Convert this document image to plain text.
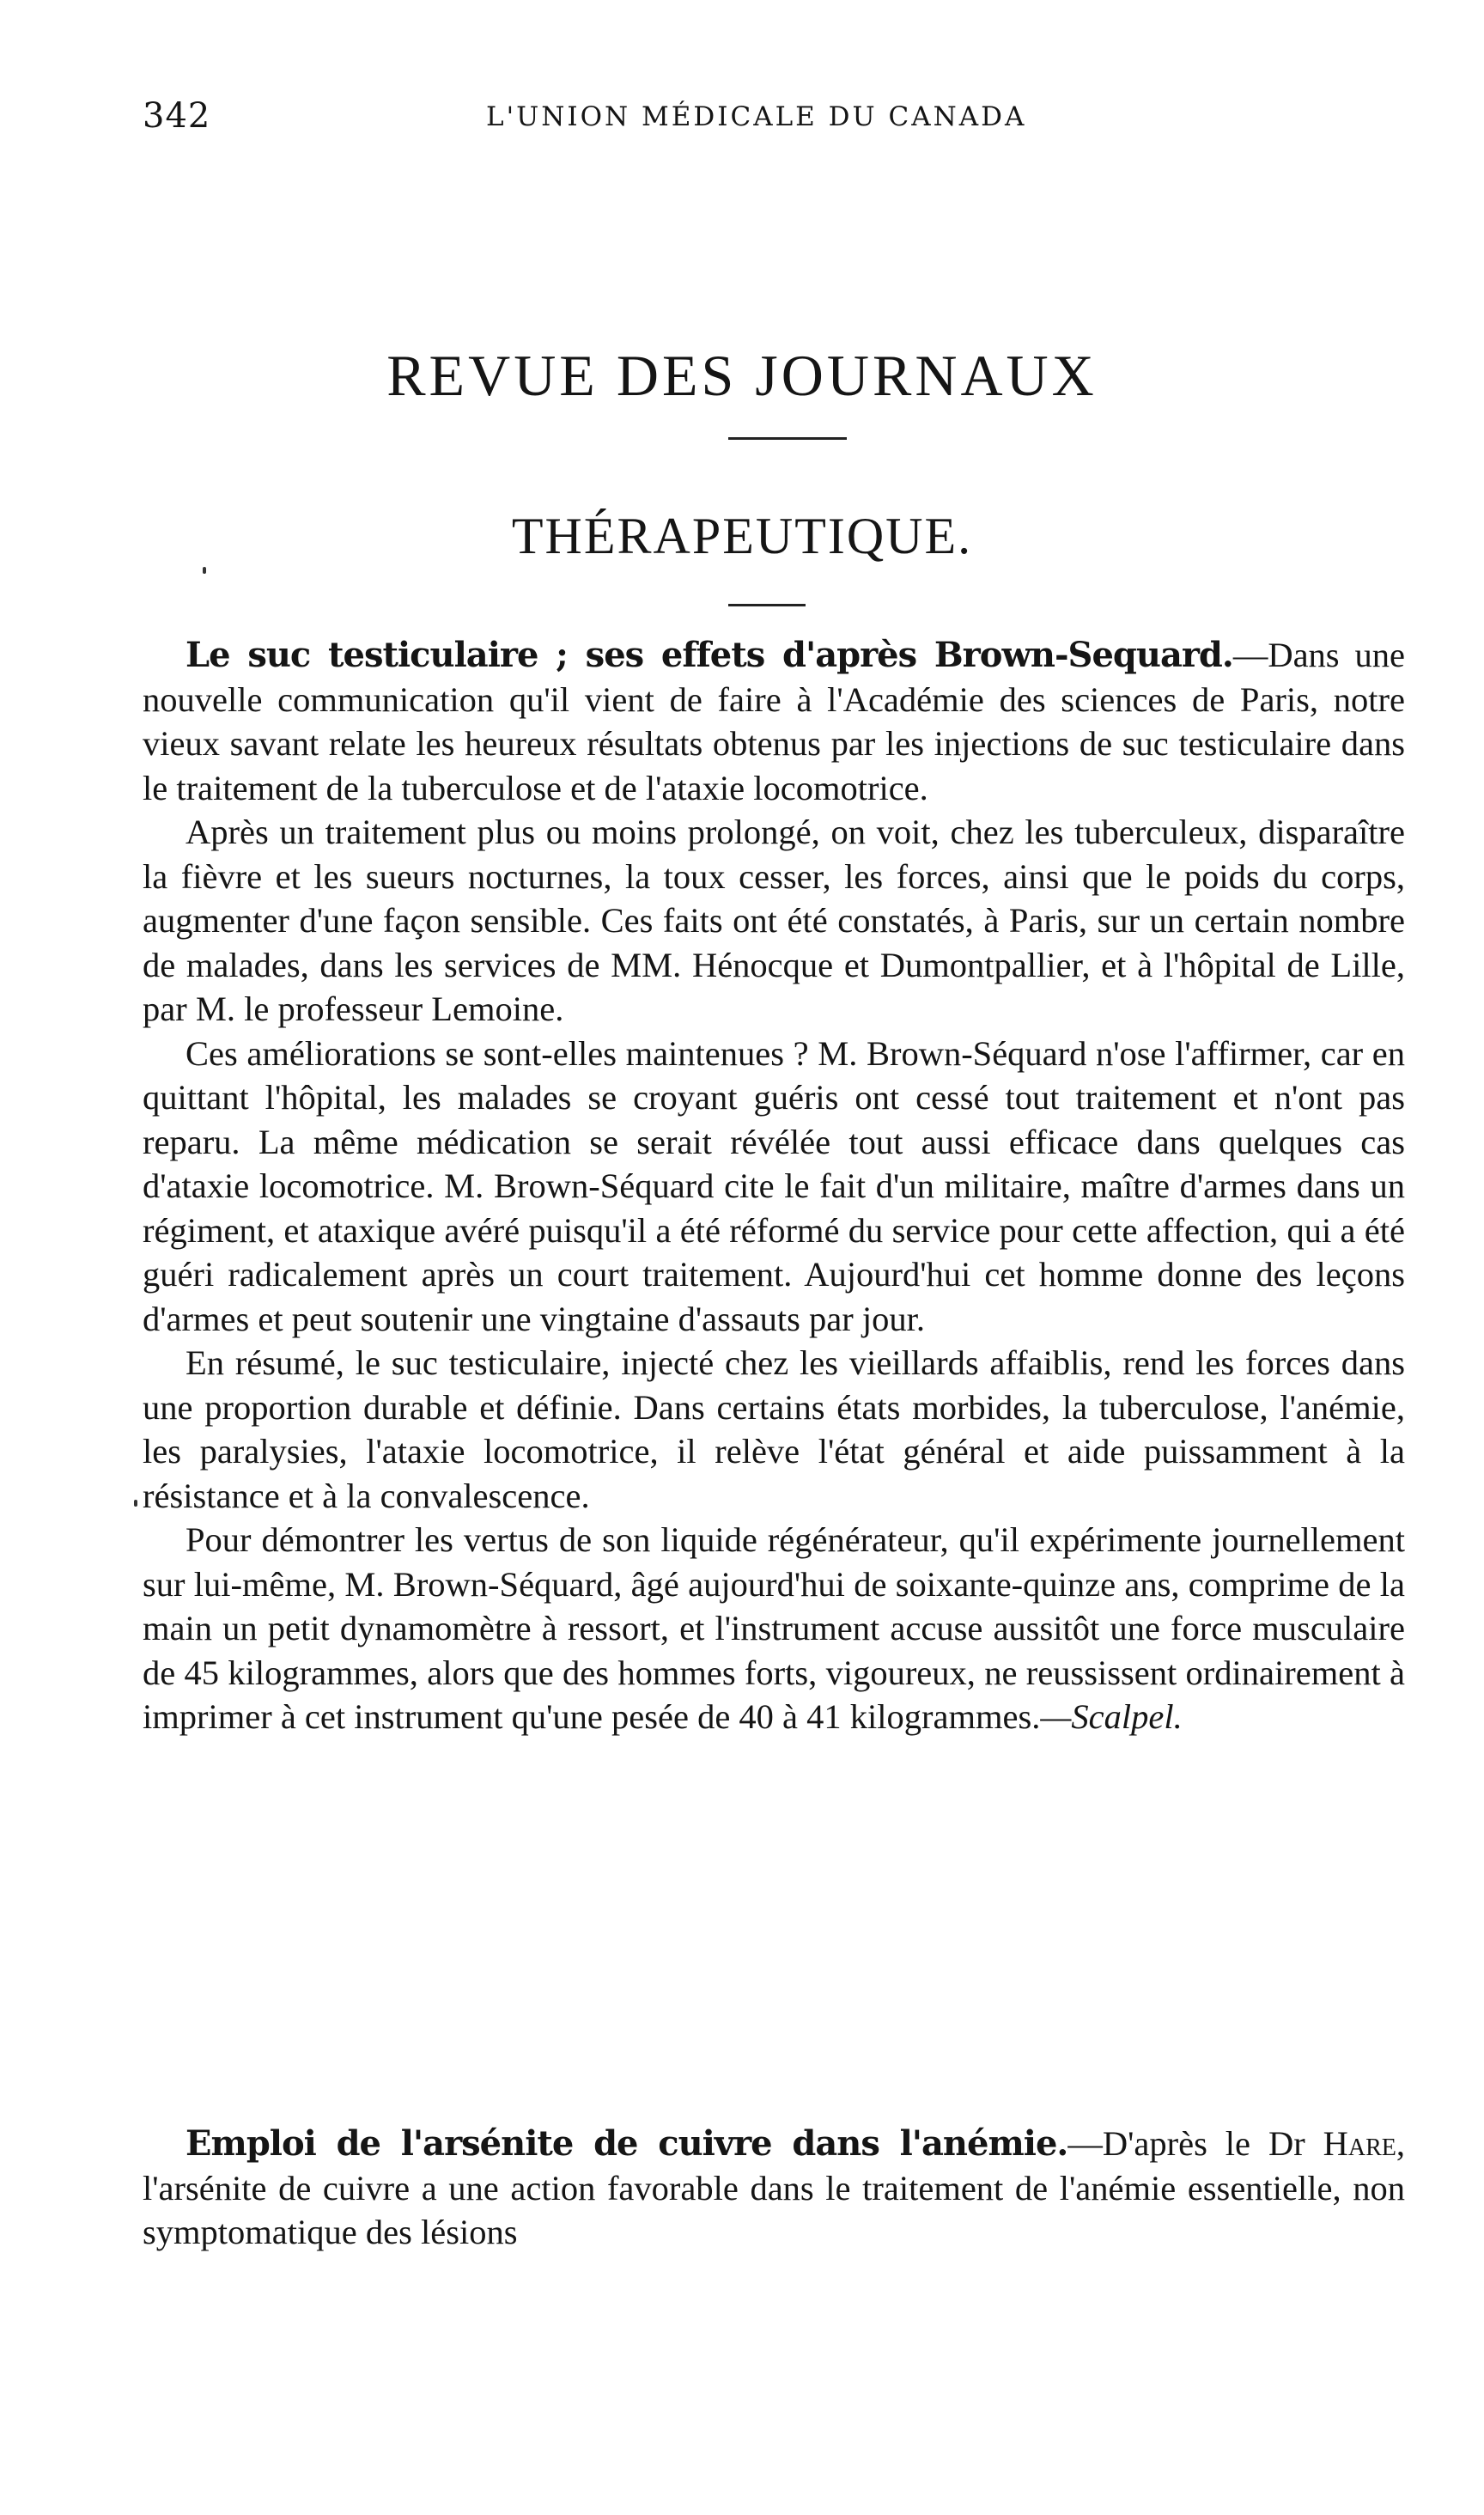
342	L'UNION MÉDICALE DU CANADA
REVUE DES JOURNAUX
THÉRAPEUTIQUE.

Le suc testiculaire ; ses effets d'après Brown-Sequard.—Dans une nouvelle communication qu'il vient de faire à l'Académie des sciences de Paris, notre vieux savant relate les heureux résultats obtenus par les injections de suc testiculaire dans le traitement de la tuberculose et de l'ataxie locomotrice.

Après un traitement plus ou moins prolongé, on voit, chez les tuberculeux, disparaître la fièvre et les sueurs nocturnes, la toux cesser, les forces, ainsi que le poids du corps, augmenter d'une façon sensible. Ces faits ont été constatés, à Paris, sur un certain nombre de malades, dans les services de MM. Hénocque et Dumontpallier, et à l'hôpital de Lille, par M. le professeur Lemoine.

Ces améliorations se sont-elles maintenues ? M. Brown-Séquard n'ose l'affirmer, car en quittant l'hôpital, les malades se croyant guéris ont cessé tout traitement et n'ont pas reparu. La même médication se serait révélée tout aussi efficace dans quelques cas d'ataxie locomotrice. M. Brown-Séquard cite le fait d'un militaire, maître d'armes dans un régiment, et ataxique avéré puisqu'il a été réformé du service pour cette affection, qui a été guéri radicalement après un court traitement. Aujourd'hui cet homme donne des leçons d'armes et peut soutenir une vingtaine d'assauts par jour.

En résumé, le suc testiculaire, injecté chez les vieillards affaiblis, rend les forces dans une proportion durable et définie. Dans certains états morbides, la tuberculose, l'anémie, les paralysies, l'ataxie locomotrice, il relève l'état général et aide puissamment à la résistance et à la convalescence.

Pour démontrer les vertus de son liquide régénérateur, qu'il expérimente journellement sur lui-même, M. Brown-Séquard, âgé aujourd'hui de soixante-quinze ans, comprime de la main un petit dynamomètre à ressort, et l'instrument accuse aussitôt une force musculaire de 45 kilogrammes, alors que des hommes forts, vigoureux, ne reussissent ordinairement à imprimer à cet instrument qu'une pesée de 40 à 41 kilogrammes.—Scalpel.

Emploi de l'arsénite de cuivre dans l'anémie.—D'après le Dr Hare, l'arsénite de cuivre a une action favorable dans le traitement de l'anémie essentielle, non symptomatique des lésions
